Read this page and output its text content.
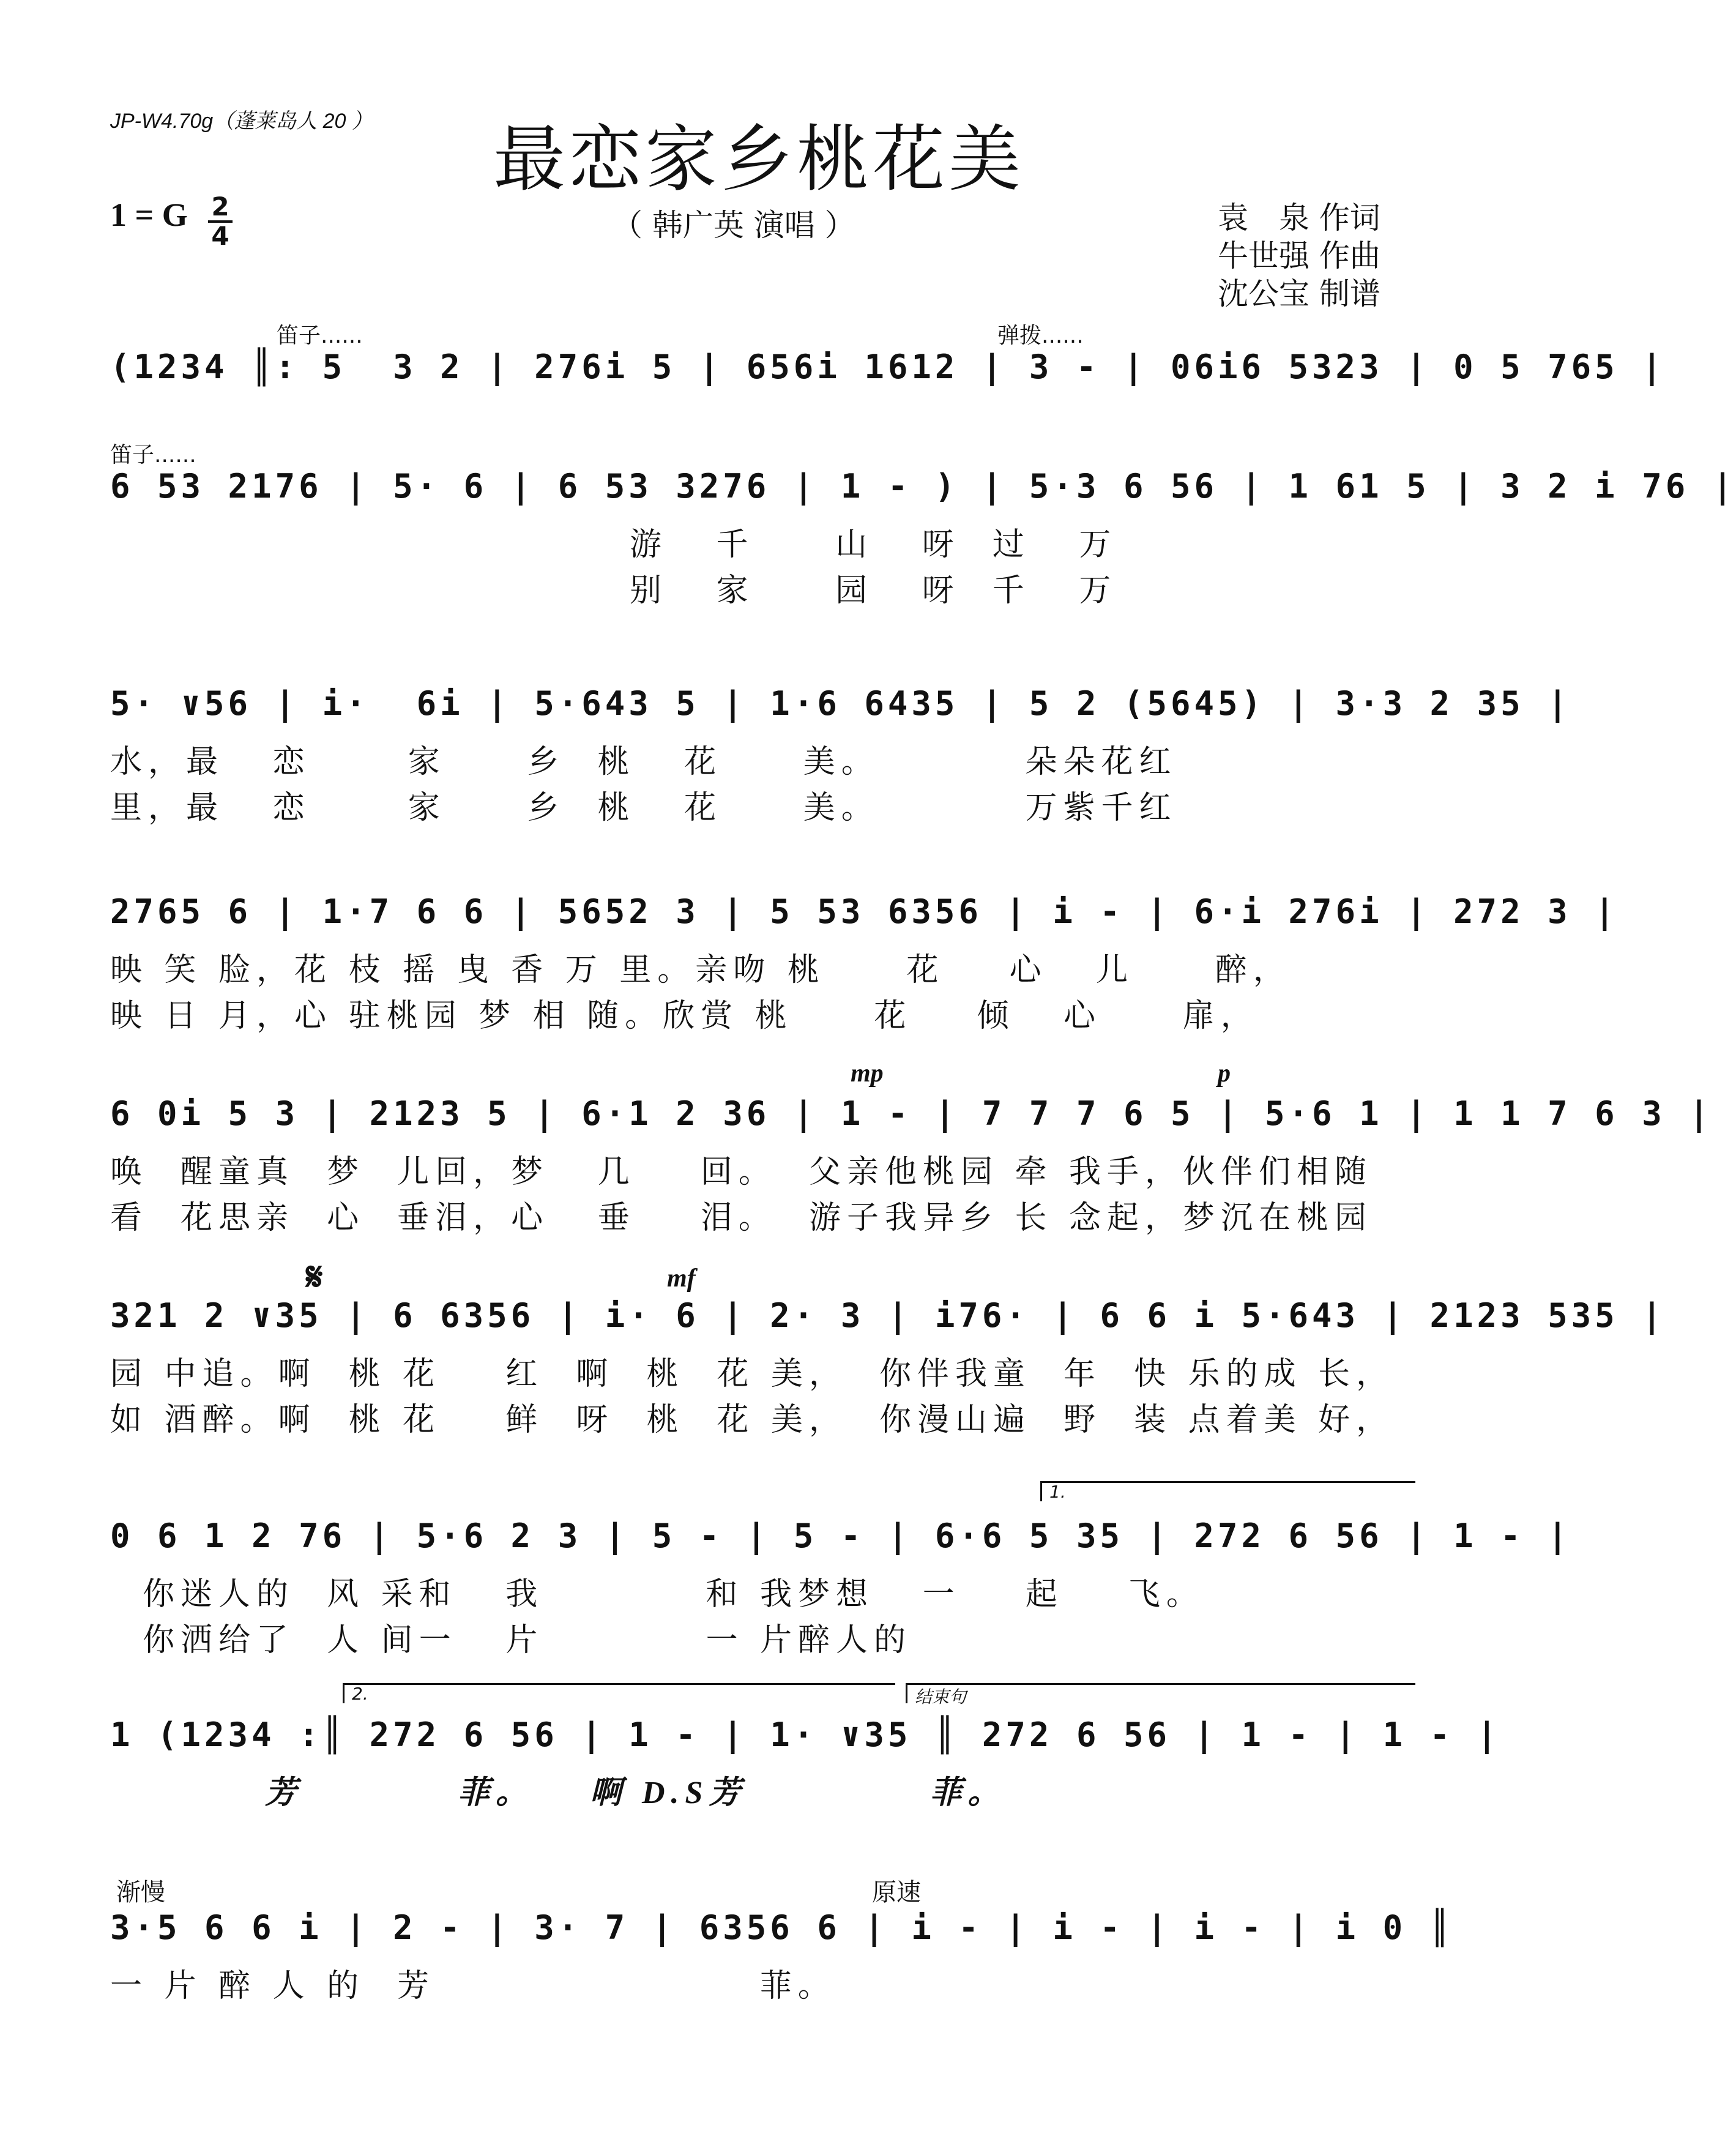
JP-W4.70g（蓬莱岛人 20 ）	最恋家乡桃花美
1 = G 2
4	（ 韩广英 演唱 ）	袁　泉 作词
牛世强 作曲
沈公宝 制谱
笛子......	弹拨......
(1234 ║: 5  3 2 | 276i 5 | 656i 1612 | 3 - | 06i6 5323 | 0 5 765 |
笛子......
6 53 2176 | 5· 6 | 6 53 3276 | 1 - ) | 5·3 6 56 | 1 61 5 | 3 2 i 76 |
游   千     山   呀  过   万
别   家     园   呀  千   万
5· ∨56 | i·  6i | 5·643 5 | 1·6 6435 | 5 2 (5645) | 3·3 2 35 |
水，最   恋      家     乡  桃   花     美。         朵朵花红
里，最   恋      家     乡  桃   花     美。         万紫千红
2765 6 | 1·7 6 6 | 5652 3 | 5 53 6356 | i - | 6·i 276i | 272 3 |
映 笑 脸，花 枝 摇 曳 香 万 里。亲吻 桃     花    心   儿     醉，
映 日 月，心 驻桃园 梦 相 随。欣赏 桃     花    倾   心     扉，
mp	p
6 0i 5 3 | 2123 5 | 6·1 2 36 | 1 - | 7 7 7 6 5 | 5·6 1 | 1 1 7 6 3 |
唤  醒童真  梦  儿回，梦   几    回。  父亲他桃园 牵 我手，伙伴们相随
看  花思亲  心  垂泪，心   垂    泪。  游子我异乡 长 念起，梦沉在桃园
𝄋	mf
321 2 ∨35 | 6 6356 | i· 6 | 2· 3 | i76· | 6 6 i 5·643 | 2123 535 |
园 中追。啊  桃 花    红  啊  桃  花 美，  你伴我童  年  快 乐的成 长，
如 酒醉。啊  桃 花    鲜  呀  桃  花 美，  你漫山遍  野  装 点着美 好，
1.
0 6 1 2 76 | 5·6 2 3 | 5 - | 5 - | 6·6 5 35 | 272 6 56 | 1 - |
你迷人的  风 采和   我          和 我梦想   一    起    飞。
你洒给了  人 间一   片          一 片醉人的
2.	结束句
1 (1234 :║ 272 6 56 | 1 - | 1· ∨35 ║ 272 6 56 | 1 - | 1 - |
芳           菲。    啊 D.S芳             菲。
渐慢	原速
3·5 6 6 i | 2 - | 3· 7 | 6356 6 | i - | i - | i - | i 0 ║
一 片 醉 人 的  芳                    菲。
